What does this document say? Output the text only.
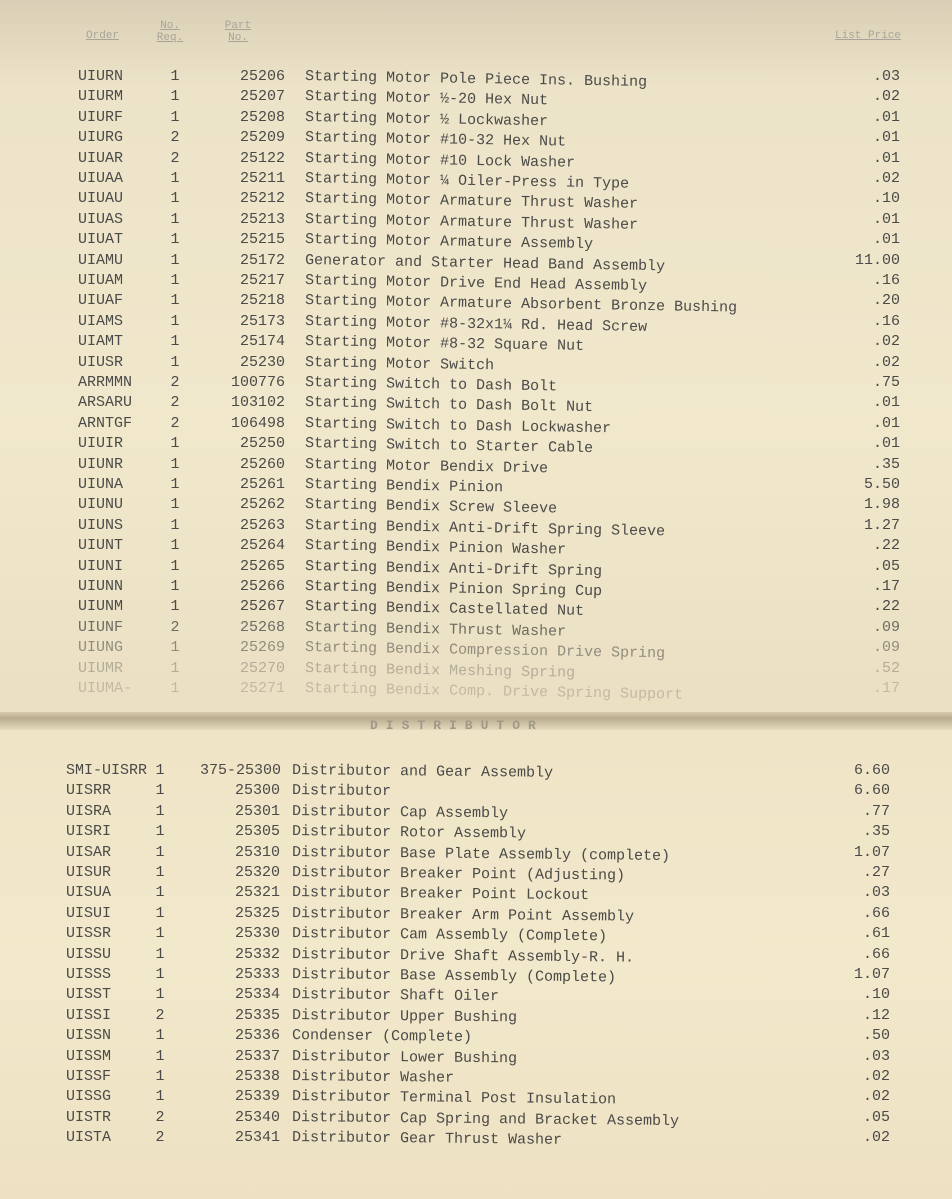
Order
No. Req.
Part No.	List Price
UIURN	1	25206 Starting Motor Pole Piece Ins. Bushing	.03
UIURM	1	25207 Starting Motor ½-20 Hex Nut	.02
UIURF	1	25208 Starting Motor ½ Lockwasher	.01
UIURG	2	25209 Starting Motor #10-32 Hex Nut	.01
UIUAR	2	25122 Starting Motor #10 Lock Washer	.01
UIUAA	1	25211 Starting Motor ¼ Oiler-Press in Type	.02
UIUAU	1	25212 Starting Motor Armature Thrust Washer	.10
UIUAS	1	25213 Starting Motor Armature Thrust Washer	.01
UIUAT	1	25215 Starting Motor Armature Assembly	.01
UIAMU	1	25172 Generator and Starter Head Band Assembly	11.00
UIUAM	1	25217 Starting Motor Drive End Head Assembly	.16
UIUAF	1	25218 Starting Motor Armature Absorbent Bronze Bushing	.20
UIAMS	1	25173 Starting Motor #8-32x1¼ Rd. Head Screw	.16
UIAMT	1	25174 Starting Motor #8-32 Square Nut	.02
UIUSR	1	25230 Starting Motor Switch	.02
ARRMMN	2	100776 Starting Switch to Dash Bolt	.75
ARSARU	2	103102 Starting Switch to Dash Bolt Nut	.01
ARNTGF	2	106498 Starting Switch to Dash Lockwasher	.01
UIUIR	1	25250 Starting Switch to Starter Cable	.01
UIUNR	1	25260 Starting Motor Bendix Drive	.35
UIUNA	1	25261 Starting Bendix Pinion	5.50
UIUNU	1	25262 Starting Bendix Screw Sleeve	1.98
UIUNS	1	25263 Starting Bendix Anti-Drift Spring Sleeve	1.27
UIUNT	1	25264 Starting Bendix Pinion Washer	.22
UIUNI	1	25265 Starting Bendix Anti-Drift Spring	.05
UIUNN	1	25266 Starting Bendix Pinion Spring Cup	.17
UIUNM	1	25267 Starting Bendix Castellated Nut	.22
UIUNF	2	25268 Starting Bendix Thrust Washer	.09
UIUNG	1	25269 Starting Bendix Compression Drive Spring	.09
UIUMR	1	25270 Starting Bendix Meshing Spring	.52
UIUMA-	1	25271 Starting Bendix Comp. Drive Spring Support	.17
DISTRIBUTOR
SMI-UISRR 1	375-25300 Distributor and Gear Assembly	6.60
UISRR	1	25300 Distributor	6.60
UISRA	1	25301 Distributor Cap Assembly	.77
UISRI	1	25305 Distributor Rotor Assembly	.35
UISAR	1	25310 Distributor Base Plate Assembly (complete)	1.07
UISUR	1	25320 Distributor Breaker Point (Adjusting)	.27
UISUA	1	25321 Distributor Breaker Point Lockout	.03
UISUI	1	25325 Distributor Breaker Arm Point Assembly	.66
UISSR	1	25330 Distributor Cam Assembly (Complete)	.61
UISSU	1	25332 Distributor Drive Shaft Assembly-R. H.	.66
UISSS	1	25333 Distributor Base Assembly (Complete)	1.07
UISST	1	25334 Distributor Shaft Oiler	.10
UISSI	2	25335 Distributor Upper Bushing	.12
UISSN	1	25336 Condenser (Complete)	.50
UISSM	1	25337 Distributor Lower Bushing	.03
UISSF	1	25338 Distributor Washer	.02
UISSG	1	25339 Distributor Terminal Post Insulation	.02
UISTR	2	25340 Distributor Cap Spring and Bracket Assembly	.05
UISTA	2	25341 Distributor Gear Thrust Washer	.02
